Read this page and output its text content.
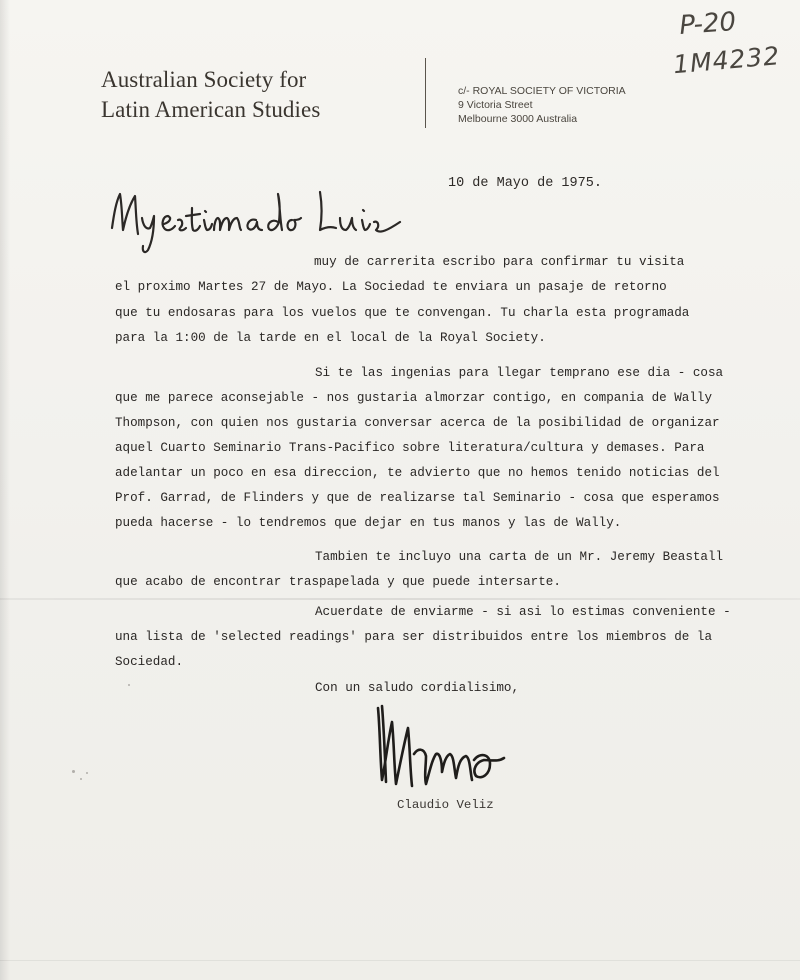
Australian Society for
Latin American Studies
c/- ROYAL SOCIETY OF VICTORIA
9 Victoria Street
Melbourne 3000 Australia
P-20
1M4232
10 de Mayo de 1975.
muy de carrerita escribo para confirmar tu visita
el proximo Martes 27 de Mayo. La Sociedad te enviara un pasaje de retorno
que tu endosaras para los vuelos que te convengan. Tu charla esta programada
para la 1:00 de la tarde en el local de la Royal Society.
Si te las ingenias para llegar temprano ese dia - cosa
que me parece aconsejable - nos gustaria almorzar contigo, en compania de Wally
Thompson, con quien nos gustaria conversar acerca de la posibilidad de organizar
aquel Cuarto Seminario Trans-Pacifico sobre literatura/cultura y demases. Para
adelantar un poco en esa direccion, te advierto que no hemos tenido noticias del
Prof. Garrad, de Flinders y que de realizarse tal Seminario - cosa que esperamos
pueda hacerse - lo tendremos que dejar en tus manos y las de Wally.
Tambien te incluyo una carta de un Mr. Jeremy Beastall
que acabo de encontrar traspapelada y que puede intersarte.
Acuerdate de enviarme - si asi lo estimas conveniente -
una lista de 'selected readings' para ser distribuidos entre los miembros de la
Sociedad.
Con un saludo cordialisimo,
Claudio Veliz
